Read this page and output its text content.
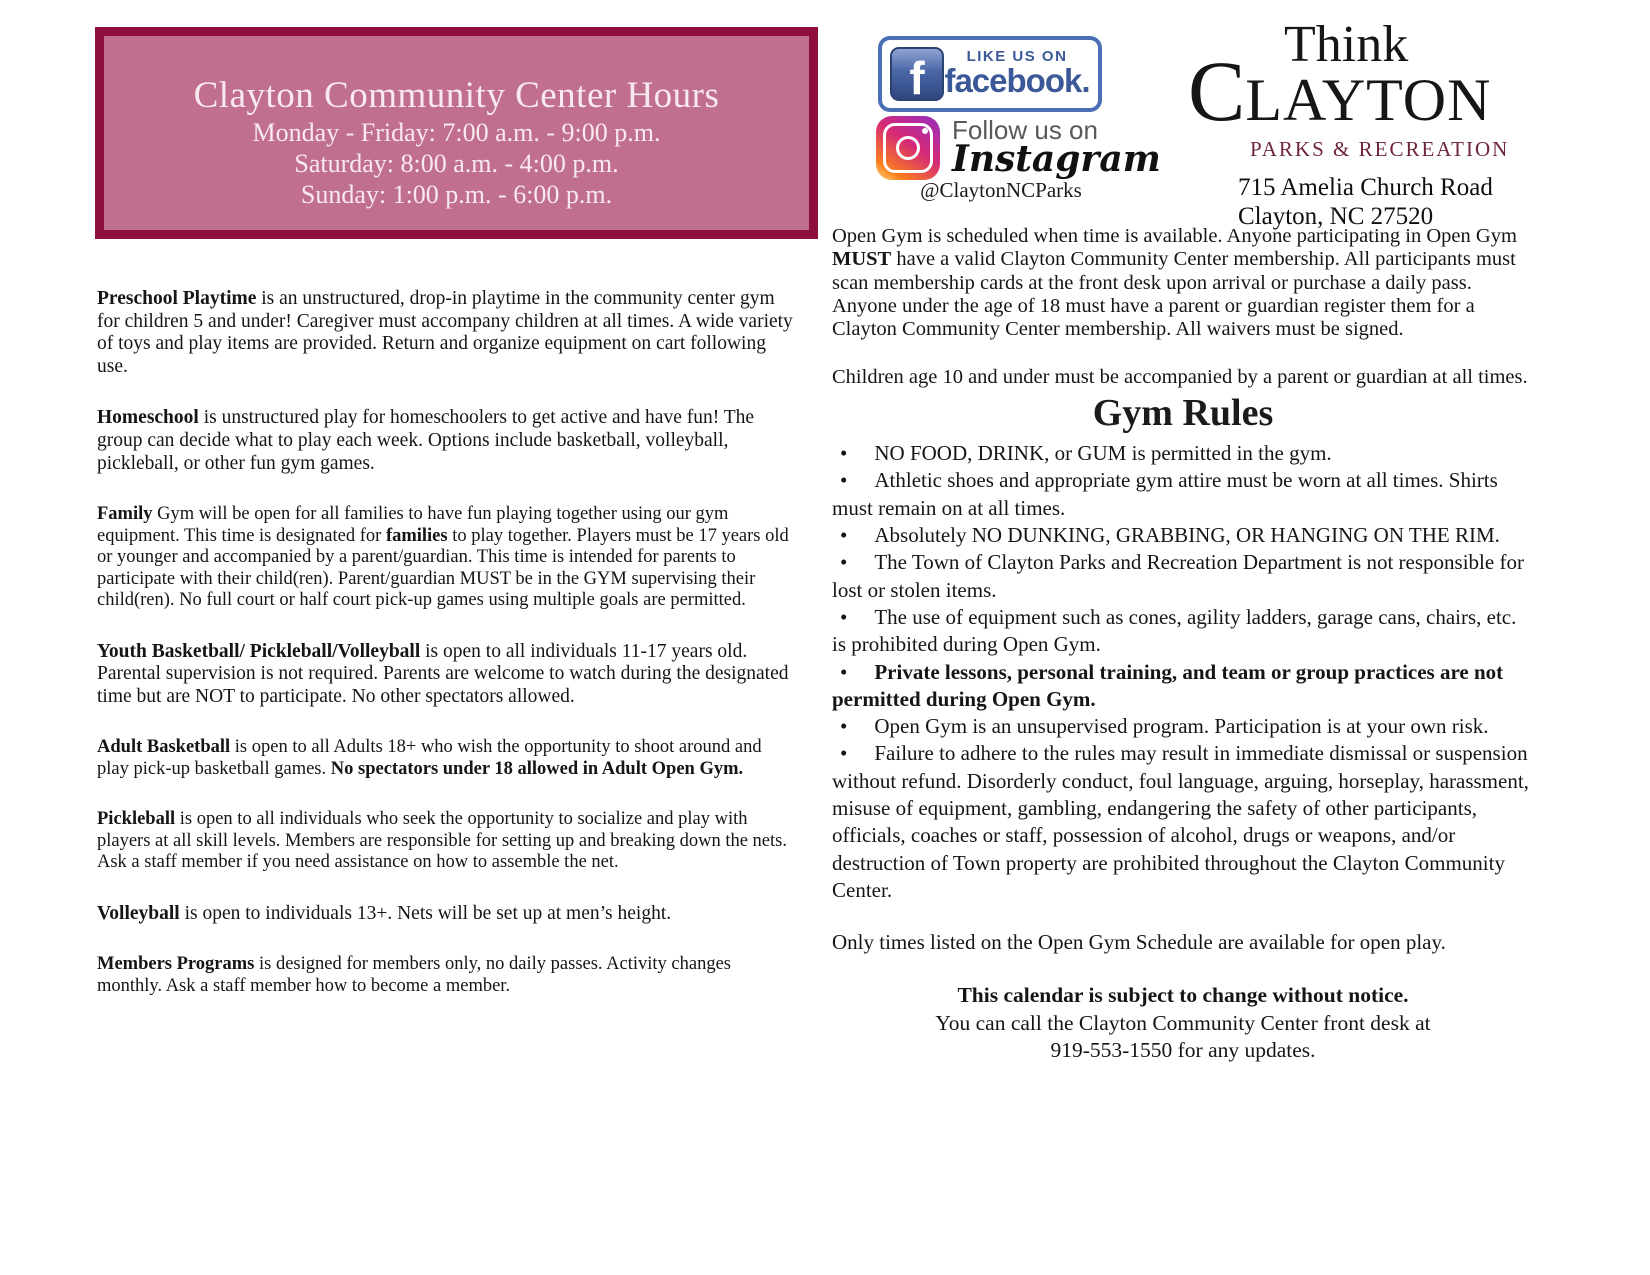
Clayton Community Center Hours
Monday - Friday: 7:00 a.m. - 9:00 p.m.
Saturday: 8:00 a.m. - 4:00 p.m.
Sunday: 1:00 p.m. - 6:00 p.m.
f	LIKE US ON
facebook.
Follow us on
Instagram
@ClaytonNCParks
Think
CLAYTON
PARKS & RECREATION
715 Amelia Church Road
Clayton, NC 27520

Preschool Playtime is an unstructured, drop-in playtime in the community center gym for children 5 and under! Caregiver must accompany children at all times. A wide variety of toys and play items are provided. Return and organize equipment on cart following use.

Homeschool is unstructured play for homeschoolers to get active and have fun! The group can decide what to play each week. Options include basketball, volleyball, pickleball, or other fun gym games.

Family Gym will be open for all families to have fun playing together using our gym equipment. This time is designated for families to play together. Players must be 17 years old or younger and accompanied by a parent/guardian. This time is intended for parents to participate with their child(ren). Parent/guardian MUST be in the GYM supervising their child(ren). No full court or half court pick-up games using multiple goals are permitted.

Youth Basketball/ Pickleball/Volleyball is open to all individuals 11-17 years old. Parental supervision is not required. Parents are welcome to watch during the designated time but are NOT to participate. No other spectators allowed.

Adult Basketball is open to all Adults 18+ who wish the opportunity to shoot around and play pick-up basketball games. No spectators under 18 allowed in Adult Open Gym.

Pickleball is open to all individuals who seek the opportunity to socialize and play with players at all skill levels. Members are responsible for setting up and breaking down the nets. Ask a staff member if you need assistance on how to assemble the net.

Volleyball is open to individuals 13+. Nets will be set up at men’s height.

Members Programs is designed for members only, no daily passes. Activity changes monthly. Ask a staff member how to become a member.

Open Gym is scheduled when time is available. Anyone participating in Open Gym MUST have a valid Clayton Community Center membership. All participants must scan membership cards at the front desk upon arrival or purchase a daily pass. Anyone under the age of 18 must have a parent or guardian register them for a Clayton Community Center membership. All waivers must be signed.

Children age 10 and under must be accompanied by a parent or guardian at all times.

Gym Rules
• NO FOOD, DRINK, or GUM is permitted in the gym.
• Athletic shoes and appropriate gym attire must be worn at all times. Shirts must remain on at all times.
• Absolutely NO DUNKING, GRABBING, OR HANGING ON THE RIM.
• The Town of Clayton Parks and Recreation Department is not responsible for lost or stolen items.
• The use of equipment such as cones, agility ladders, garage cans, chairs, etc. is prohibited during Open Gym.
• Private lessons, personal training, and team or group practices are not permitted during Open Gym.
• Open Gym is an unsupervised program. Participation is at your own risk.
• Failure to adhere to the rules may result in immediate dismissal or suspension without refund. Disorderly conduct, foul language, arguing, horseplay, harassment, misuse of equipment, gambling, endangering the safety of other participants, officials, coaches or staff, possession of alcohol, drugs or weapons, and/or destruction of Town property are prohibited throughout the Clayton Community Center.

Only times listed on the Open Gym Schedule are available for open play.

This calendar is subject to change without notice.
You can call the Clayton Community Center front desk at
919-553-1550 for any updates.
